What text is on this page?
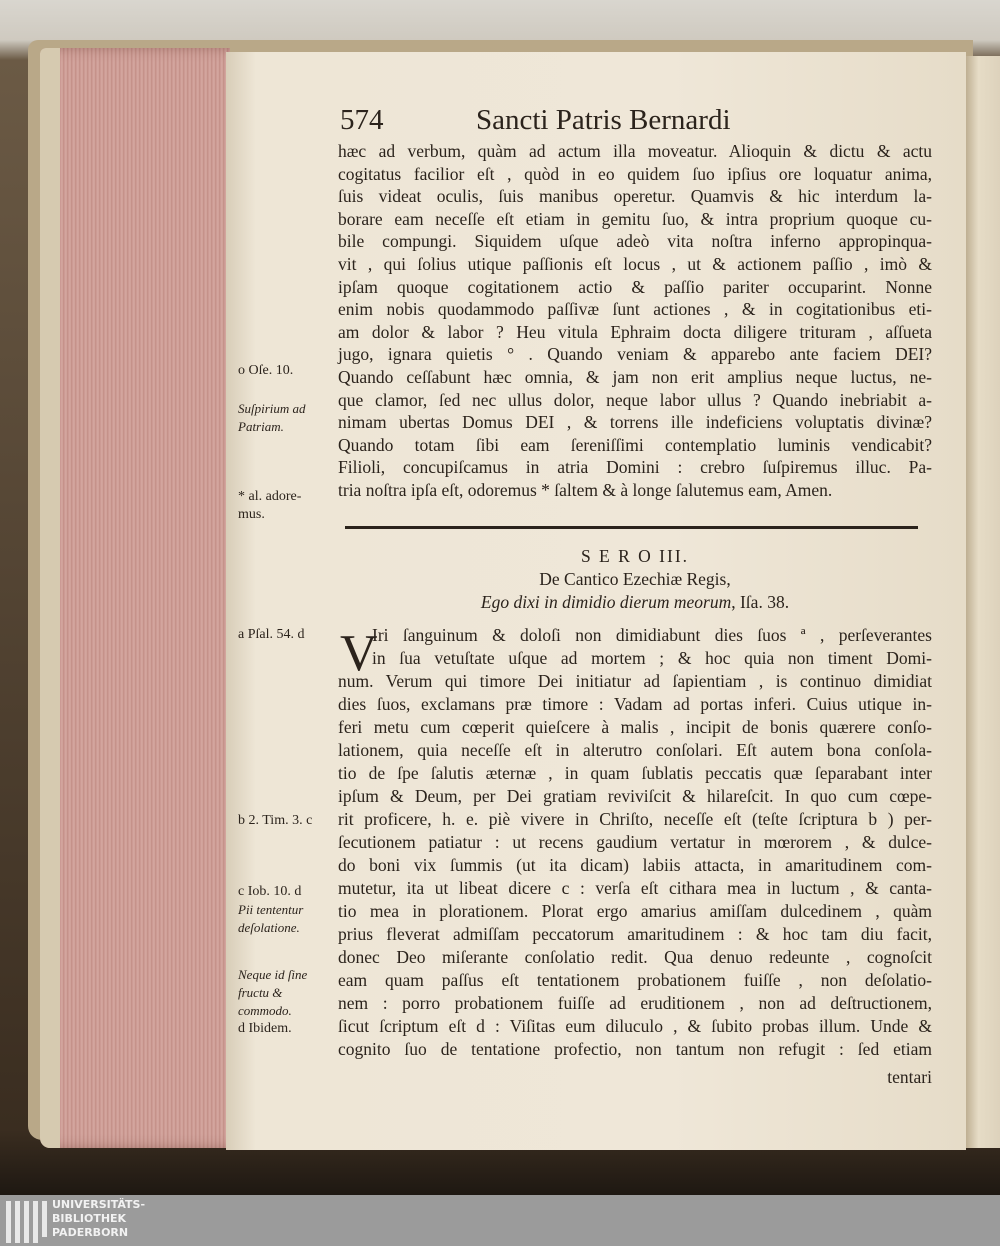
574	Sancti Patris Bernardi
hæc ad verbum, quàm ad actum illa moveatur. Alioquin & dictu & actu
cogitatus facilior eſt , quòd in eo quidem ſuo ipſius ore loquatur anima,
ſuis videat oculis, ſuis manibus operetur. Quamvis & hic interdum la-
borare eam neceſſe eſt etiam in gemitu ſuo, & intra proprium quoque cu-
bile compungi. Siquidem uſque adeò vita noſtra inferno appropinqua-
vit , qui ſolius utique paſſionis eſt locus , ut & actionem paſſio , imò &
ipſam quoque cogitationem actio & paſſio pariter occuparint. Nonne
enim nobis quodammodo paſſivæ ſunt actiones , & in cogitationibus eti-
am dolor & labor ? Heu vitula Ephraim docta diligere trituram , aſſueta
jugo, ignara quietis ° . Quando veniam & apparebo ante faciem DEI?
Quando ceſſabunt hæc omnia, & jam non erit amplius neque luctus, ne-
que clamor, ſed nec ullus dolor, neque labor ullus ? Quando inebriabit a-
nimam ubertas Domus DEI , & torrens ille indeficiens voluptatis divinæ?
Quando totam ſibi eam ſereniſſimi contemplatio luminis vendicabit?
Filioli, concupiſcamus in atria Domini : crebro ſuſpiremus illuc. Pa-
tria noſtra ipſa eſt, odoremus * ſaltem & à longe ſalutemus eam, Amen.
S E R O III.
De Cantico Ezechiæ Regis,
Ego dixi in dimidio dierum meorum, Iſa. 38.
V
Iri ſanguinum & doloſi non dimidiabunt dies ſuos ª , perſeverantes
in ſua vetuſtate uſque ad mortem ; & hoc quia non timent Domi-
num. Verum qui timore Dei initiatur ad ſapientiam , is continuo dimidiat
dies ſuos, exclamans præ timore : Vadam ad portas inferi. Cuius utique in-
feri metu cum cœperit quieſcere à malis , incipit de bonis quærere conſo-
lationem, quia neceſſe eſt in alterutro conſolari. Eſt autem bona conſola-
tio de ſpe ſalutis æternæ , in quam ſublatis peccatis quæ ſeparabant inter
ipſum & Deum, per Dei gratiam reviviſcit & hilareſcit. In quo cum cœpe-
rit proficere, h. e. piè vivere in Chriſto, neceſſe eſt (teſte ſcriptura b ) per-
ſecutionem patiatur : ut recens gaudium vertatur in mœrorem , & dulce-
do boni vix ſummis (ut ita dicam) labiis attacta, in amaritudinem com-
mutetur, ita ut libeat dicere c : verſa eſt cithara mea in luctum , & canta-
tio mea in plorationem. Plorat ergo amarius amiſſam dulcedinem , quàm
prius fleverat admiſſam peccatorum amaritudinem : & hoc tam diu facit,
donec Deo miſerante conſolatio redit. Qua denuo redeunte , cognoſcit
eam quam paſſus eſt tentationem probationem fuiſſe , non deſolatio-
nem : porro probationem fuiſſe ad eruditionem , non ad deſtructionem,
ſicut ſcriptum eſt d : Viſitas eum diluculo , & ſubito probas illum. Unde &
cognito ſuo de tentatione profectio, non tantum non refugit : ſed etiam
tentari
o Oſe. 10.
Suſpirium ad
Patriam.
* al. adore-
mus.
a Pſal. 54. d
b 2. Tim. 3. c
c Iob. 10. d
Pii tententur
deſolatione.
Neque id ſine
fructu &
commodo.
d Ibidem.
UNIVERSITÄTS-
BIBLIOTHEK
PADERBORN
